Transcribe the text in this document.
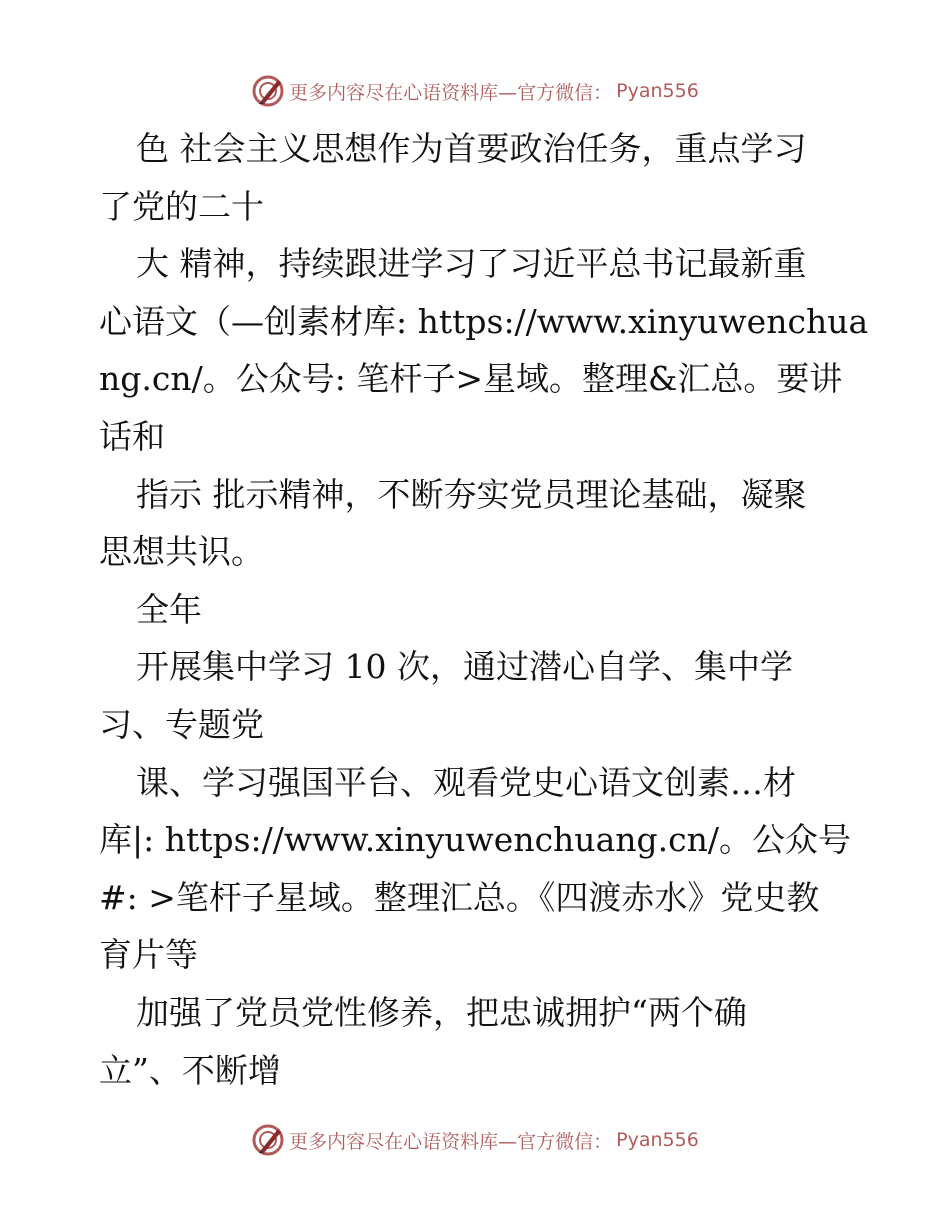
更多内容尽在心语资料库—官方微信： Pyan556

色 社会主义思想作为首要政治任务，重点学习

了党的二十

大 精神，持续跟进学习了习近平总书记最新重

心语文（—创素材库: https://www.xinyuwenchua

ng.cn/。公众号: 笔杆子>星域。整理&汇总。要讲

话和

指示 批示精神，不断夯实党员理论基础，凝聚

思想共识。

全年

开展集中学习 10 次，通过潜心自学、集中学

习、专题党

课、学习强国平台、观看党史心语文创素…材

库|: https://www.xinyuwenchuang.cn/。公众号

#: >笔杆子星域。整理汇总。《四渡赤水》党史教

育片等

加强了党员党性修养，把忠诚拥护“两个确

立”、不断增

更多内容尽在心语资料库—官方微信： Pyan556
